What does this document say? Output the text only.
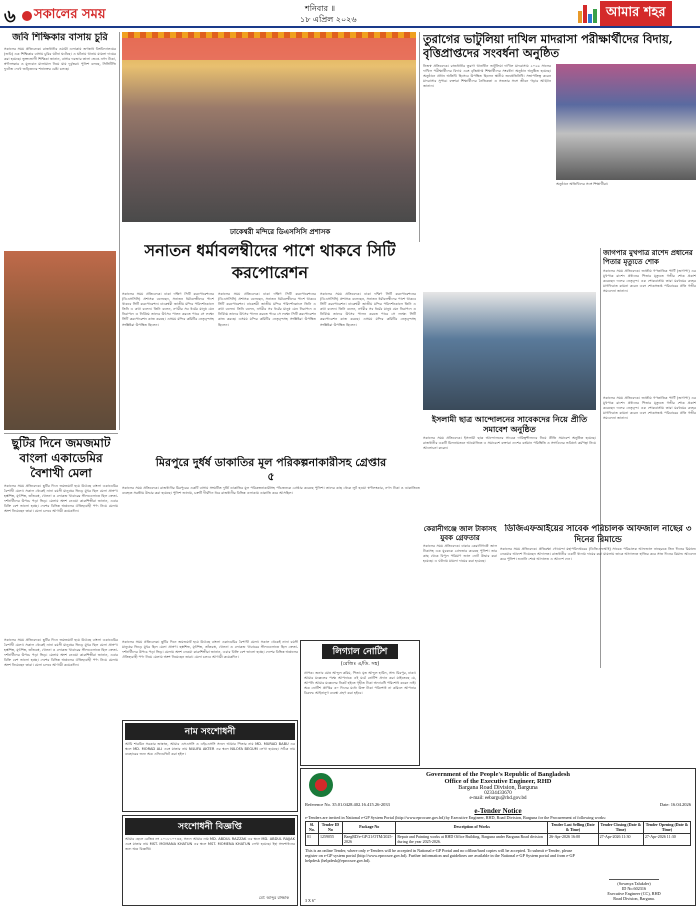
৬ সকালের সময়	শনিবার ॥
১৮ এপ্রিল ২০২৬	আমার শহর
জবি শিক্ষিকার বাসায় চুরি
সকালের সময় প্রতিবেদক। রাজধানীর ওয়ারী এলাকায় জগন্নাথ বিশ্ববিদ্যালয়ের (জবি) এক শিক্ষিকার বাসায় চুরির ঘটনা ঘটেছে। এ ঘটনায় থানায় মামলা দায়ের করা হয়েছে। ভুক্তভোগী শিক্ষিকা জানান, বাসার দরজার তালা ভেঙে নগদ টাকা, স্বর্ণালংকার ও মূল্যবান মালামাল নিয়ে যায় দুর্বৃত্তরা। পুলিশ বলছে, সিসিটিভি ফুটেজ দেখে জড়িতদের শনাক্তের চেষ্টা চলছে।
ঢাকেশ্বরী মন্দিরে ডিএসসিসি প্রশাসক
তুরাগের ভাটুলিয়া দাখিল মাদরাসা পরীক্ষার্থীদের বিদায়, বৃত্তিপ্রাপ্তদের সংবর্ধনা অনুষ্ঠিত
নিজস্ব প্রতিবেদক। রাজধানীর তুরাগ থানাধীন ভাটুলিয়া দাখিল মাদরাসায় ২০২৬ সালের দাখিল পরীক্ষার্থীদের বিদায় এবং বৃত্তিপ্রাপ্ত শিক্ষার্থীদের সংবর্ধনা অনুষ্ঠান অনুষ্ঠিত হয়েছে। অনুষ্ঠানে প্রধান অতিথি হিসেবে উপস্থিত ছিলেন স্থানীয় জনপ্রতিনিধি। সভাপতিত্ব করেন মাদরাসার সুপার। বক্তারা শিক্ষার্থীদের নৈতিকতা ও সততার সঙ্গে জীবন গড়ার আহ্বান জানান।
অনুষ্ঠানে অতিথিদের সঙ্গে শিক্ষার্থীরা।
সনাতন ধর্মাবলম্বীদের পাশে থাকবে সিটি করপোরেশন
জাগপার মুখপাত্র রাশেদ প্রধানের পিতার মৃত্যুতে শোক
সকালের সময় প্রতিবেদক। জাতীয় গণতান্ত্রিক পার্টি (জাগপা) এর মুখপাত্র রাশেদ প্রধানের পিতার মৃত্যুতে গভীর শোক প্রকাশ করেছেন দলের নেতৃবৃন্দ। এক শোকবার্তায় তারা মরহুমের রুহের মাগফিরাত কামনা করেন এবং শোকসন্তপ্ত পরিবারের প্রতি গভীর সমবেদনা জানান।
সকালের সময় প্রতিবেদক। জাতীয় গণতান্ত্রিক পার্টি (জাগপা) এর মুখপাত্র রাশেদ প্রধানের পিতার মৃত্যুতে গভীর শোক প্রকাশ করেছেন দলের নেতৃবৃন্দ। এক শোকবার্তায় তারা মরহুমের রুহের মাগফিরাত কামনা করেন এবং শোকসন্তপ্ত পরিবারের প্রতি গভীর সমবেদনা জানান।
সকালের সময় প্রতিবেদক। ঢাকা দক্ষিণ সিটি করপোরেশনের (ডিএসসিসি) প্রশাসক বলেছেন, সনাতন ধর্মাবলম্বীদের পাশে থাকবে সিটি করপোরেশন। ঢাকেশ্বরী জাতীয় মন্দির পরিদর্শনকালে তিনি এ কথা বলেন। তিনি বলেন, নগরীর সব ধর্মের মানুষ যেন নিরাপদে ও নির্বিঘ্নে তাদের উৎসব পালন করতে পারে সে লক্ষ্যে সিটি করপোরেশন কাজ করছে। এসময় মন্দির কমিটির নেতৃবৃন্দসহ সংশ্লিষ্টরা উপস্থিত ছিলেন।
সকালের সময় প্রতিবেদক। ঢাকা দক্ষিণ সিটি করপোরেশনের (ডিএসসিসি) প্রশাসক বলেছেন, সনাতন ধর্মাবলম্বীদের পাশে থাকবে সিটি করপোরেশন। ঢাকেশ্বরী জাতীয় মন্দির পরিদর্শনকালে তিনি এ কথা বলেন। তিনি বলেন, নগরীর সব ধর্মের মানুষ যেন নিরাপদে ও নির্বিঘ্নে তাদের উৎসব পালন করতে পারে সে লক্ষ্যে সিটি করপোরেশন কাজ করছে। এসময় মন্দির কমিটির নেতৃবৃন্দসহ সংশ্লিষ্টরা উপস্থিত ছিলেন।
সকালের সময় প্রতিবেদক। ঢাকা দক্ষিণ সিটি করপোরেশনের (ডিএসসিসি) প্রশাসক বলেছেন, সনাতন ধর্মাবলম্বীদের পাশে থাকবে সিটি করপোরেশন। ঢাকেশ্বরী জাতীয় মন্দির পরিদর্শনকালে তিনি এ কথা বলেন। তিনি বলেন, নগরীর সব ধর্মের মানুষ যেন নিরাপদে ও নির্বিঘ্নে তাদের উৎসব পালন করতে পারে সে লক্ষ্যে সিটি করপোরেশন কাজ করছে। এসময় মন্দির কমিটির নেতৃবৃন্দসহ সংশ্লিষ্টরা উপস্থিত ছিলেন।
ইসলামী ছাত্র আন্দোলনের সাবেকদের নিয়ে প্রীতি সমাবেশ অনুষ্ঠিত
সকালের সময় প্রতিবেদক। ইসলামী ছাত্র আন্দোলনের সাবেক দায়িত্বশীলদের নিয়ে প্রীতি সমাবেশ অনুষ্ঠিত হয়েছে। রাজধানীর একটি মিলনায়তনে আয়োজিত এ সমাবেশে বক্তারা দেশের বর্তমান পরিস্থিতি ও সংগঠনের ভবিষ্যৎ কর্মপন্থা নিয়ে আলোচনা করেন।
মিরপুরে দুর্ধর্ষ ডাকাতির মূল পরিকল্পনাকারীসহ গ্রেপ্তার ৫
সকালের সময় প্রতিবেদক। রাজধানীর মিরপুরের একটি বাসায় সংঘটিত দুর্ধর্ষ ডাকাতির মূল পরিকল্পনাকারীসহ পাঁচজনকে গ্রেপ্তার করেছে পুলিশ। তাদের কাছ থেকে লুট হওয়া স্বর্ণালংকার, নগদ টাকা ও ডাকাতিতে ব্যবহৃত সরঞ্জাম উদ্ধার করা হয়েছে। পুলিশ জানায়, চক্রটি দীর্ঘদিন ধরে রাজধানীর বিভিন্ন এলাকায় ডাকাতি করে আসছিল।
কেরানীগঞ্জে জাল টাকাসহ যুবক গ্রেফতার
সকালের সময় প্রতিবেদক। ঢাকার কেরানীগঞ্জে জাল টাকাসহ এক যুবককে গ্রেফতার করেছে পুলিশ। তার কাছ থেকে বিপুল পরিমাণ জাল নোট উদ্ধার করা হয়েছে। এ ঘটনায় মামলা দায়ের করা হয়েছে।
ডিজিএফআইয়ের সাবেক পরিচালক আফজাল নাছের ৩ দিনের রিমান্ডে
সকালের সময় প্রতিবেদক। প্রতিরক্ষা গোয়েন্দা মহাপরিদপ্তরের (ডিজিএফআই) সাবেক পরিচালক আফজাল নাছেরকে তিন দিনের রিমান্ডে নেওয়ার আদেশ দিয়েছেন আদালত। রাজধানীর একটি থানায় দায়ের করা মামলায় তাকে আদালতে হাজির করে সাত দিনের রিমান্ড আবেদন করে পুলিশ। শুনানি শেষে আদালত এ আদেশ দেন।
ছুটির দিনে জমজমাট বাংলা একাডেমির বৈশাখী মেলা
সকালের সময় প্রতিবেদক। ছুটির দিনে জমজমাট হয়ে উঠেছে বাংলা একাডেমির বৈশাখী মেলা। সকাল থেকেই নানা বয়সী মানুষের ভিড়ে মুখর ছিল মেলা প্রাঙ্গণ। হস্তশিল্প, মৃৎশিল্প, তাঁতবস্ত্র, খেলনা ও লোকজ খাবারের স্টলগুলোতে ছিল ক্রেতা-দর্শনার্থীদের উপচে পড়া ভিড়। মেলায় অংশ নেওয়া কারুশিল্পীরা জানান, এবার বিক্রি বেশ ভালো হচ্ছে। দেশের বিভিন্ন অঞ্চলের ঐতিহ্যবাহী পণ্য নিয়ে মেলায় অংশ নিয়েছেন তারা। মেলা চলবে আগামী কয়েকদিন।
সকালের সময় প্রতিবেদক। ছুটির দিনে জমজমাট হয়ে উঠেছে বাংলা একাডেমির বৈশাখী মেলা। সকাল থেকেই নানা বয়সী মানুষের ভিড়ে মুখর ছিল মেলা প্রাঙ্গণ। হস্তশিল্প, মৃৎশিল্প, তাঁতবস্ত্র, খেলনা ও লোকজ খাবারের স্টলগুলোতে ছিল ক্রেতা-দর্শনার্থীদের উপচে পড়া ভিড়। মেলায় অংশ নেওয়া কারুশিল্পীরা জানান, এবার বিক্রি বেশ ভালো হচ্ছে। দেশের বিভিন্ন অঞ্চলের ঐতিহ্যবাহী পণ্য নিয়ে মেলায় অংশ নিয়েছেন তারা। মেলা চলবে আগামী কয়েকদিন।
সকালের সময় প্রতিবেদক। ছুটির দিনে জমজমাট হয়ে উঠেছে বাংলা একাডেমির বৈশাখী মেলা। সকাল থেকেই নানা বয়সী মানুষের ভিড়ে মুখর ছিল মেলা প্রাঙ্গণ। হস্তশিল্প, মৃৎশিল্প, তাঁতবস্ত্র, খেলনা ও লোকজ খাবারের স্টলগুলোতে ছিল ক্রেতা-দর্শনার্থীদের উপচে পড়া ভিড়। মেলায় অংশ নেওয়া কারুশিল্পীরা জানান, এবার বিক্রি বেশ ভালো হচ্ছে। দেশের বিভিন্ন অঞ্চলের ঐতিহ্যবাহী পণ্য নিয়ে মেলায় অংশ নিয়েছেন তারা। মেলা চলবে আগামী কয়েকদিন।
লিগ্যাল নোটিশ
(রেজিঃ এ/ডি. সহ)
প্রাপক: জনাব মোঃ আব্দুল করিম, পিতা: মৃত আব্দুল হামিদ, সাং: মিরপুর, ঢাকা। আমার মক্কেলের পক্ষে আপনাকে এই মর্মে নোটিশ প্রদান করা যাইতেছে যে, আপনি আমার মক্কেলের নিকট হইতে গৃহীত টাকা অদ্যাবধি পরিশোধ করেন নাই। অত্র নোটিশ প্রাপ্তির ৩০ দিনের মধ্যে উক্ত টাকা পরিশোধ না করিলে আপনার বিরুদ্ধে আইনানুগ ব্যবস্থা গ্রহণ করা হইবে।
নাম সংশোধনী
আমি শারমিন সরকার জান্নাত, আমার এসএসসি ও এইচএসসি সনদে আমার পিতার নাম MD. MURAD BABU এর স্থলে MD. MORAD ALI এবং মাতার নাম NILUFA AKTER এর স্থলে NILOFA BEGUM লেখা হয়েছে। সঠিক নাম ব্যবহারের জন্য অত্র এফিডেভিট করা হইল।
সংশোধনী বিজ্ঞপ্তি
আমার ছেলে রেজিঃ নং ২০১৮১০৭৩৩, সনদে আমার নাম MD. ABDUL RAZZAK এর স্থলে MD. ABDUL RAJJAK এবং মাতার নাম MST. MOMANA KHATUN এর স্থলে MST. MOMENA KHATUN লেখা হয়েছে। ইহা সংশোধনের জন্য অত্র বিজ্ঞপ্তি।
মো: আব্দুর রাজ্জাক
Government of the People's Republic of Bangladesh
Office of the Executive Engineer, RHD
Bargana Road Division, Barguna
02334433670
e-mail: eebargu@rhd.gov.bd
Reference No. 35.01.0428.402.16.415.26-2033	Date: 16.04.2026
e-Tender Notice
e-Tenders are invited in National e-GP System Portal (http://www.eprocure.gov.bd) by Executive Engineer, RHD, Road Division, Barguna for the Procurement of following works:
Sl. No.	Tender ID No	Package No	Description of Works	Tender Last Selling (Date & Time)	Tender Closing (Date & Time)	Tender Opening (Date & Time)
01	1259055	BaegRD/e-GP/21/OTM/2025-2026	Repair and Painting works at RHD Office Building, Barguna under Barguna Road division during the year 2025-2026.	26-Apr-2026 16:00	27-Apr-2026 11:30	27-Apr-2026 11:30
This is an online Tender, where only e-Tenders will be accepted in National e-GP Portal and no offline/hard copies will be accepted. To submit e-Tender, please register on e-GP system portal (http://www.eprocure.gov.bd). Further information and guidelines are available in the National e-GP System portal and from e-GP helpdesk (helpdesk@eprocure.gov.bd).
(Sowmya Talukder)
ID No.602316
Executive Engineer (CC), RHD
Road Division, Barguna.
3 X 6"
